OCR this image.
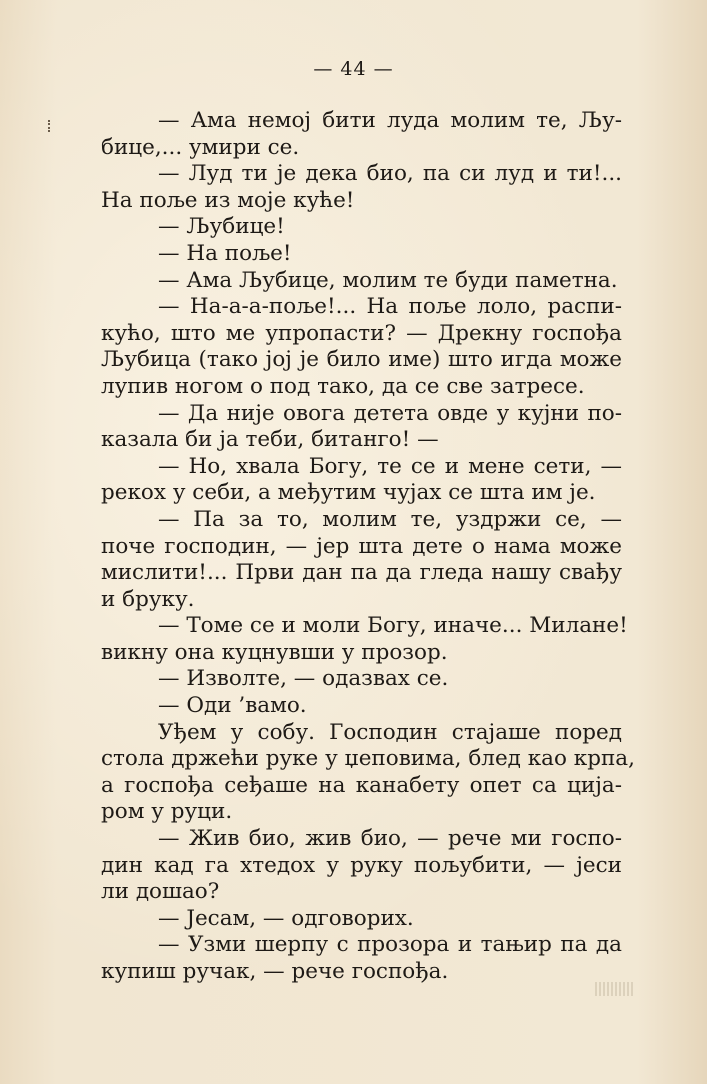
— 44 —
— Ама немој бити луда молим те, Љу-
бице,... умири се.
— Луд ти је дека био, па си луд и ти!...
На поље из моје куће!
— Љубице!
— На поље!
— Ама Љубице, молим те буди паметна.
— На-а-а-поље!... На поље лоло, распи-
кућо, што ме упропасти? — Дрекну госпођа
Љубица (тако јој је било име) што игда може
лупив ногом о под тако, да се све затресе.
— Да није овога детета овде у кујни по-
казала би ја теби, битанго! —
— Но, хвала Богу, те се и мене сети, —
рекох у себи, а међутим чујах се шта им је.
— Па за то, молим те, уздржи се, —
поче господин, — јер шта дете о нама може
мислити!... Први дан па да гледа нашу свађу
и бруку.
— Томе се и моли Богу, иначе... Милане!
викну она куцнувши у прозор.
— Изволте, — одазвах се.
— Оди ’вамо.
Уђем у собу. Господин стајаше поред
стола држећи руке у џеповима, блед као крпа,
а госпођа сеђаше на канабету опет са ција-
ром у руци.
— Жив био, жив био, — рече ми госпо-
дин кад га хтедох у руку пољубити, — јеси
ли дошао?
— Јесам, — одговорих.
— Узми шерпу с прозора и тањир па да
купиш ручак, — рече госпођа.
